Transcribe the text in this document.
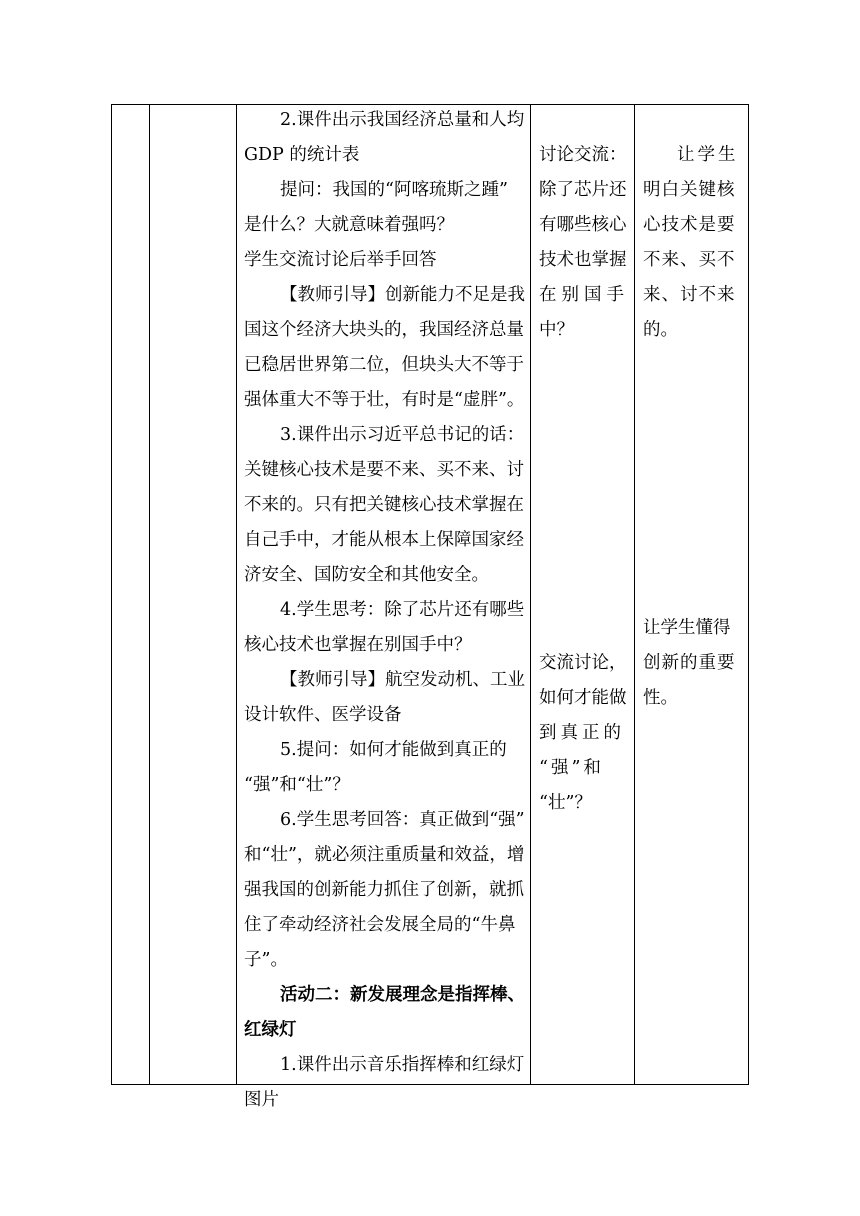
2.课件出示我国经济总量和人均
GDP 的统计表
提问：我国的“阿喀琉斯之踵”
是什么？大就意味着强吗？
学生交流讨论后举手回答
【教师引导】创新能力不足是我
国这个经济大块头的，我国经济总量
已稳居世界第二位，但块头大不等于
强体重大不等于壮，有时是“虚胖”。
3.课件出示习近平总书记的话：
关键核心技术是要不来、买不来、讨
不来的。只有把关键核心技术掌握在
自己手中，才能从根本上保障国家经
济安全、国防安全和其他安全。
4.学生思考：除了芯片还有哪些
核心技术也掌握在别国手中？
【教师引导】航空发动机、工业
设计软件、医学设备
5.提问：如何才能做到真正的
“强”和“壮”？
6.学生思考回答：真正做到“强”
和“壮”，就必须注重质量和效益，增
强我国的创新能力抓住了创新，就抓
住了牵动经济社会发展全局的“牛鼻
子”。
活动二：新发展理念是指挥棒、
红绿灯
1.课件出示音乐指挥棒和红绿灯
图片
讨论交流：
除了芯片还
有哪些核心
技术也掌握
在别国手
中？
交流讨论，
如何才能做
到真正的
“强”和
“壮”？
让学生
明白关键核
心技术是要
不来、买不
来、讨不来
的。
让学生懂得
创新的重要
性。
